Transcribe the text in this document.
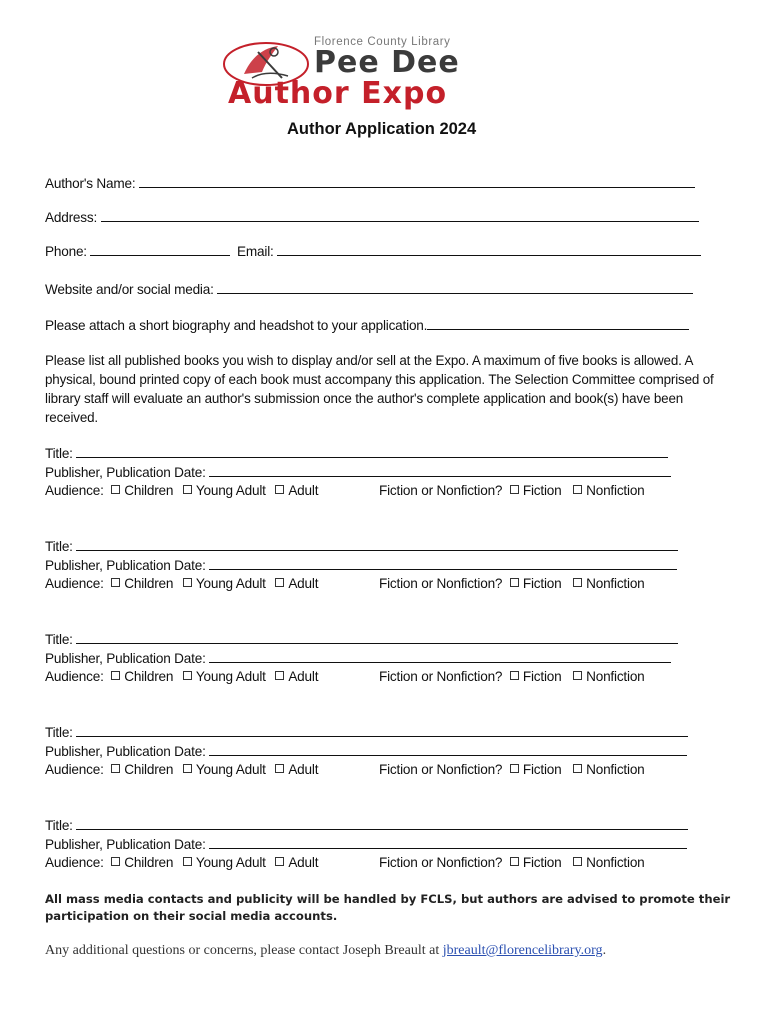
Florence County Library
Pee Dee
Author Expo
Author Application 2024
Author's Name:
Address:
Phone:	Email:
Website and/or social media:
Please attach a short biography and headshot to your application.
Please list all published books you wish to display and/or sell at the Expo. A maximum of five books is allowed. A physical, bound printed copy of each book must accompany this application. The Selection Committee comprised of library staff will evaluate an author's submission once the author's complete application and book(s) have been received.
Title:
Publisher, Publication Date:
Audience: Children Young Adult Adult	Fiction or Nonfiction? Fiction Nonfiction
Title:
Publisher, Publication Date:
Audience: Children Young Adult Adult	Fiction or Nonfiction? Fiction Nonfiction
Title:
Publisher, Publication Date:
Audience: Children Young Adult Adult	Fiction or Nonfiction? Fiction Nonfiction
Title:
Publisher, Publication Date:
Audience: Children Young Adult Adult	Fiction or Nonfiction? Fiction Nonfiction
Title:
Publisher, Publication Date:
Audience: Children Young Adult Adult	Fiction or Nonfiction? Fiction Nonfiction
All mass media contacts and publicity will be handled by FCLS, but authors are advised to promote their participation on their social media accounts.
Any additional questions or concerns, please contact Joseph Breault at jbreault@florencelibrary.org.
